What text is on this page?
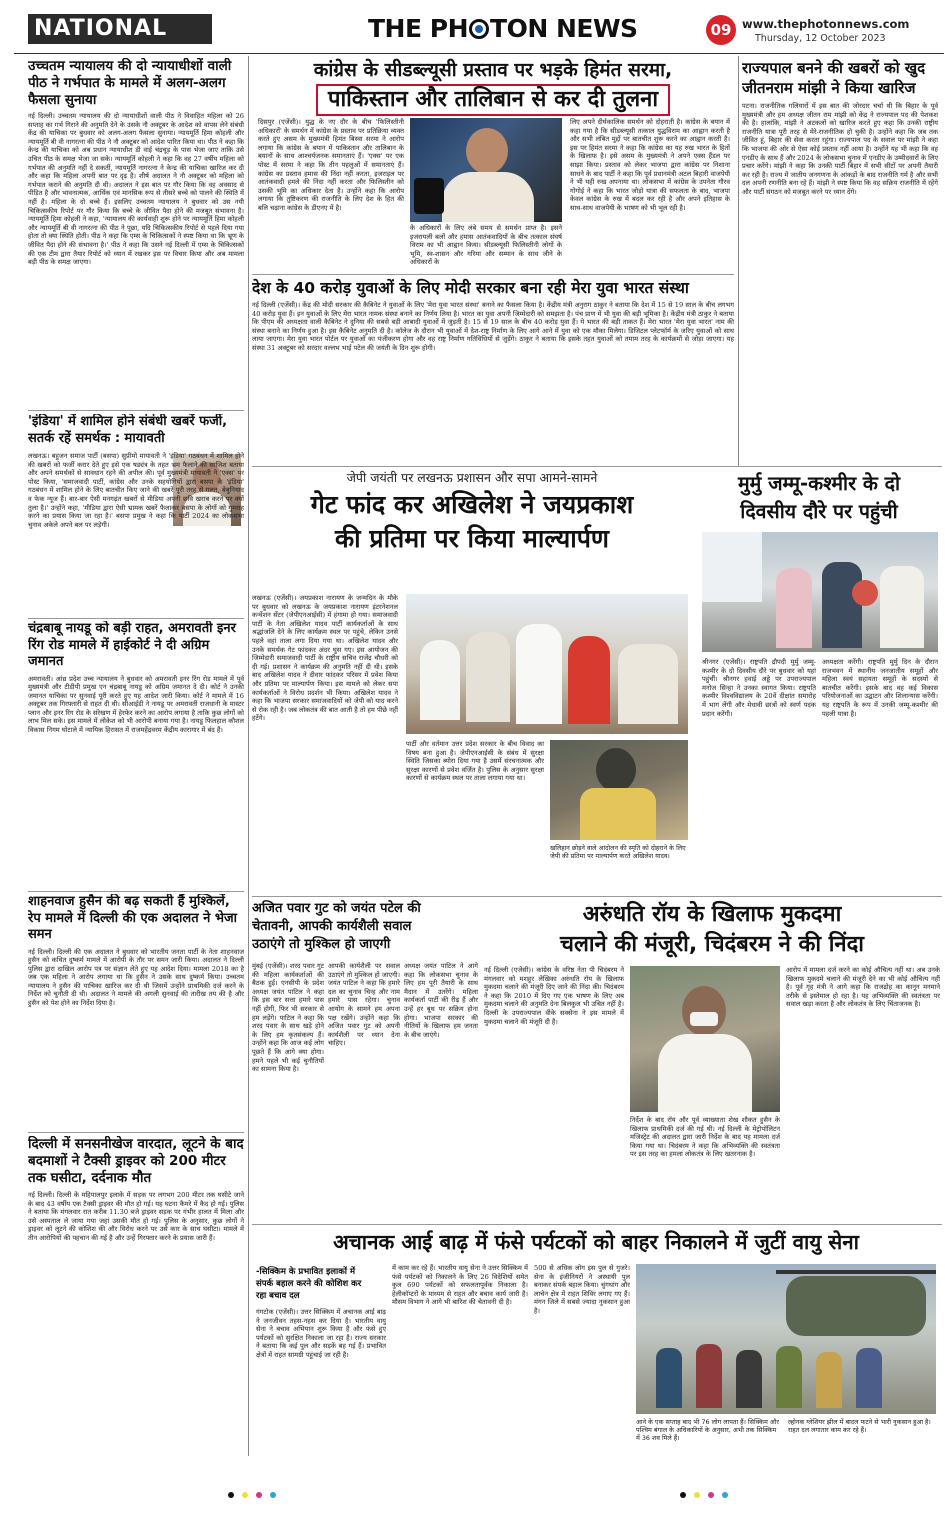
NATIONAL	THE PH TON NEWS	09 www.thephotonnews.com
Thursday, 12 October 2023
उच्चतम न्यायालय की दो न्यायाधीशों वाली पीठ ने गर्भपात के मामले में अलग-अलग फैसला सुनाया
नई दिल्ली। उच्चतम न्यायालय की दो न्यायाधीशों वाली पीठ ने विवाहित महिला को 26 सप्ताह का गर्भ गिराने की अनुमति देने के उसके नौ अक्टूबर के आदेश को वापस लेने संबंधी केंद्र की याचिका पर बुधवार को अलग-अलग फैसला सुनाया। न्यायमूर्ति हिमा कोहली और न्यायमूर्ति बी वी नागरत्ना की पीठ ने नौ अक्टूबर को आदेश पारित किया था। पीठ ने कहा कि केन्द्र की याचिका को अब प्रधान न्यायाधीश डी वाई चंद्रचूड़ के पास भेजा जाए ताकि उसे उचित पीठ के समक्ष भेजा जा सके। न्यायमूर्ति कोहली ने कहा कि वह 27 वर्षीय महिला को गर्भपात की अनुमति नहीं दे सकतीं, न्यायमूर्ति नागरत्ना ने केन्द्र की याचिका खारिज कर दी और कहा कि महिला अपनी बात पर दृढ़ है। शीर्ष अदालत ने नौ अक्टूबर को महिला को गर्भपात कराने की अनुमति दी थी। अदालत ने इस बात पर गौर किया कि वह अवसाद से पीड़ित है और भावनात्मक, आर्थिक एवं मानसिक रूप से तीसरे बच्चे को पालने की स्थिति में नहीं है। महिला के दो बच्चे हैं। इसलिए उच्चतम न्यायालय ने बुधवार को उस नयी चिकित्सकीय रिपोर्ट पर गौर किया कि बच्चे के जीवित पैदा होने की मजबूत संभावना है। न्यायमूर्ति हिमा कोहली ने कहा, 'न्यायालय की कार्यवाही शुरू होने पर न्यायमूर्ति हिमा कोहली और न्यायमूर्ति बी वी नागरत्ना की पीठ ने पूछा, यदि चिकित्सकीय रिपोर्ट से पहले दिया गया होता तो क्या स्थिति होती। पीठ ने कहा कि एम्स के चिकित्सकों ने स्पष्ट किया था कि भ्रूण के जीवित पैदा होने की संभावना है।' पीठ ने कहा कि उसने नई दिल्ली में एम्स के चिकित्सकों की एक टीम द्वारा तैयार रिपोर्ट को ध्यान में रखकर इस पर विचार किया और अब मामला बड़ी पीठ के समक्ष जाएगा।
'इंडिया' में शामिल होने संबंधी खबरें फर्जी, सतर्क रहें समर्थक : मायावती
लखनऊ। बहुजन समाज पार्टी (बसपा) सुप्रीमो मायावती ने 'इंडिया' गठबंधन में शामिल होने की खबरों को फर्जी करार देते हुए इसे एक षड्यंत्र के तहत भ्रम फैलाने की साजिश बताया और अपने समर्थकों से सावधान रहने की अपील की। पूर्व मुख्यमंत्री मायावती ने 'एक्स' पर पोस्ट किया, 'समाजवादी पार्टी, कांग्रेस और उनके सहयोगियों द्वारा बसपा के 'इंडिया' गठबंधन में शामिल होने के लिए बातचीत किए जाने की खबरें पूरी तरह से गलत, बेबुनियाद व फेक न्यूज हैं। बार-बार ऐसी मनगढ़ंत खबरों से मीडिया अपनी छवि खराब करने पर क्यों तुला है।' उन्होंने कहा, 'मीडिया द्वारा ऐसी भ्रामक खबरें फैलाकर बसपा के लोगों को गुमराह करने का प्रयास किया जा रहा है।' बसपा प्रमुख ने कहा कि पार्टी 2024 का लोकसभा चुनाव अकेले अपने बल पर लड़ेगी।
चंद्रबाबू नायडू को बड़ी राहत, अमरावती इनर रिंग रोड मामले में हाईकोर्ट ने दी अग्रिम जमानत
अमरावती। आंध्र प्रदेश उच्च न्यायालय ने बुधवार को अमरावती इनर रिंग रोड मामले में पूर्व मुख्यमंत्री और टीडीपी प्रमुख एन चंद्रबाबू नायडू को अग्रिम जमानत दे दी। कोर्ट ने उनकी जमानत याचिका पर सुनवाई पूरी करते हुए यह आदेश जारी किया। कोर्ट ने मामले में 16 अक्टूबर तक गिरफ्तारी से राहत दी थी। सीआईडी ने नायडू पर अमरावती राजधानी के मास्टर प्लान और इनर रिंग रोड के संरेखण में हेरफेर करने का आरोप लगाया है ताकि कुछ लोगों को लाभ मिल सके। इस मामले में लोकेश को भी आरोपी बनाया गया है। नायडू फिलहाल कौशल विकास निगम घोटाले में न्यायिक हिरासत में राजमहेंद्रवरम केंद्रीय कारागार में बंद हैं।
शाहनवाज हुसैन की बढ़ सकती हैं मुश्किलें, रेप मामले में दिल्ली की एक अदालत ने भेजा समन
नई दिल्ली। दिल्ली की एक अदालत ने बुधवार को भारतीय जनता पार्टी के नेता शाहनवाज हुसैन को कथित दुष्कर्म मामले में आरोपी के तौर पर समन जारी किया। अदालत ने दिल्ली पुलिस द्वारा दाखिल आरोप पत्र पर संज्ञान लेते हुए यह आदेश दिया। मामला 2018 का है जब एक महिला ने आरोप लगाया था कि हुसैन ने उसके साथ दुष्कर्म किया। उच्चतम न्यायालय ने हुसैन की याचिका खारिज कर दी थी जिसमें उन्होंने प्राथमिकी दर्ज करने के निर्देश को चुनौती दी थी। अदालत ने मामले की अगली सुनवाई की तारीख तय की है और हुसैन को पेश होने का निर्देश दिया है।
दिल्ली में सनसनीखेज वारदात, लूटने के बाद बदमाशों ने टैक्सी ड्राइवर को 200 मीटर तक घसीटा, दर्दनाक मौत
नई दिल्ली। दिल्ली के महिपालपुर इलाके में सड़क पर लगभग 200 मीटर तक घसीटे जाने के बाद 43 वर्षीय एक टैक्सी ड्राइवर की मौत हो गई। यह घटना कैमरे में कैद हो गई। पुलिस ने बताया कि मंगलवार रात करीब 11.30 बजे ड्राइवर सड़क पर गंभीर हालत में मिला और उसे अस्पताल ले जाया गया जहां उसकी मौत हो गई। पुलिस के अनुसार, कुछ लोगों ने ड्राइवर को लूटने की कोशिश की और विरोध करने पर उसे कार के साथ घसीटा। मामले में तीन आरोपियों की पहचान की गई है और उन्हें गिरफ्तार करने के प्रयास जारी हैं।
कांग्रेस के सीडब्ल्यूसी प्रस्ताव पर भड़के हिमंत सरमा,
पाकिस्तान और तालिबान से कर दी तुलना
दिसपुर (एजेंसी)। युद्ध के नए दौर के बीच 'फिलिस्तीनी अधिकारों' के समर्थन में कांग्रेस के प्रस्ताव पर प्रतिक्रिया व्यक्त करते हुए असम के मुख्यमंत्री हिमंत बिस्वा सरमा ने आरोप लगाया कि कांग्रेस के बयान में पाकिस्तान और तालिबान के बयानों के साथ आश्चर्यजनक समानताएं हैं। 'एक्स' पर एक पोस्ट में सरमा ने कहा कि तीन पहलुओं में समानताएं हैं। कांग्रेस का प्रस्ताव हमास की निंदा नहीं करता, इजराइल पर आतंकवादी हमले की निंदा नहीं करता और फिलिस्तीन को उसकी भूमि का अधिकार देता है। उन्होंने कहा कि आरोप लगाया कि तुष्टिकरण की राजनीति के लिए देश के हित की बलि चढ़ाना कांग्रेस के डीएनए में है।
के अधिकारों के लिए लंबे समय से समर्थन प्राप्त है। इसने इजरायली बलों और हमास आतंकवादियों के बीच तत्काल संघर्ष विराम का भी आह्वान किया। सीडब्ल्यूसी फिलिस्तीनी लोगों के भूमि, स्व-शासन और गरिमा और सम्मान के साथ जीने के अधिकारों के
लिए अपने दीर्घकालिक समर्थन को दोहराती है। कांग्रेस के बयान में कहा गया है कि सीडब्ल्यूसी तत्काल युद्धविराम का आह्वान करती है और सभी लंबित मुद्दों पर बातचीत शुरू करने का आह्वान करती है। इस पर हिमंत सरमा ने कहा कि कांग्रेस का यह रुख भारत के हितों के खिलाफ है। इसे असम के मुख्यमंत्री ने अपने एक्स हैंडल पर साझा किया। प्रस्ताव को लेकर भाजपा द्वारा कांग्रेस पर निशाना साधने के बाद पार्टी ने कहा कि पूर्व प्रधानमंत्री अटल बिहारी वाजपेयी ने भी यही रुख अपनाया था। लोकसभा में कांग्रेस के उपनेता गौरव गोगोई ने कहा कि भारत जोड़ो यात्रा की सफलता के बाद, भाजपा केवल कांग्रेस के रुख में बदल कर रही है और अपने इतिहास के साथ-साथ वाजपेयी के भाषण को भी भूल रही है।
देश के 40 करोड़ युवाओं के लिए मोदी सरकार बना रही मेरा युवा भारत संस्था
नई दिल्ली (एजेंसी)। केंद्र की मोदी सरकार की कैबिनेट ने युवाओं के लिए 'मेरा युवा भारत संस्था' बनाने का फैसला किया है। केंद्रीय मंत्री अनुराग ठाकुर ने बताया कि देश में 15 से 19 साल के बीच लगभग 40 करोड़ युवा हैं। इन युवाओं के लिए मेरा भारत नामक संस्था बनाने का निर्णय लिया है। भारत का युवा अपनी जिम्मेदारी को समझता है। पंच प्राण में भी युवा की बड़ी भूमिका है। केंद्रीय मंत्री ठाकुर ने बताया कि पीएम की अध्यक्षता वाली कैबिनेट ने दुनिया की सबसे बड़ी आबादी युवाओं में जुड़ती है। 15 से 19 साल के बीच 40 करोड़ युवा हैं। ये भारत की बड़ी ताकत हैं। मेरा भारत 'मेरा युवा भारत' नाम की संस्था बनाने का निर्णय हुआ है। इस कैबिनेट अनुमति दी है। कॉलेज के दौरान भी युवाओं में देश-राष्ट्र निर्माण के लिए आगे आने में युवा को एक मौका मिलेगा। डिजिटल प्लेटफॉर्म के जरिए युवाओं को साथ लाया जाएगा। मेरा युवा भारत पोर्टल पर युवाओं का पंजीकरण होगा और वह राष्ट्र निर्माण गतिविधियों से जुड़ेंगे। ठाकुर ने बताया कि इसके तहत युवाओं को तमाम तरह के कार्यक्रमों से जोड़ा जाएगा। यह संस्था 31 अक्टूबर को सरदार वल्लभ भाई पटेल की जयंती के दिन शुरू होगी।
राज्यपाल बनने की खबरों को खुद जीतनराम मांझी ने किया खारिज
पटना। राजनीतिक गलियारों में इस बात की जोरदार चर्चा थी कि बिहार के पूर्व मुख्यमंत्री और हम अध्यक्ष जीतन राम मांझी को केंद्र ने राज्यपाल पद की पेशकश की है। हालांकि, मांझी ने अटकलों को खारिज करते हुए कहा कि उनकी राष्ट्रीय राजनीति यात्रा पूरी तरह से मेरे-राजनीतिक हो चुकी है। उन्होंने कहा कि जब तक जीवित हूं, बिहार की सेवा करता रहूंगा। राज्यपाल पद के सवाल पर मांझी ने कहा कि भाजपा की ओर से ऐसा कोई प्रस्ताव नहीं आया है। उन्होंने यह भी कहा कि वह एनडीए के साथ हैं और 2024 के लोकसभा चुनाव में एनडीए के उम्मीदवारों के लिए प्रचार करेंगे। मांझी ने कहा कि उनकी पार्टी बिहार में सभी सीटों पर अपनी तैयारी कर रही है। राज्य में जातीय जनगणना के आंकड़ों के बाद राजनीति गर्म है और सभी दल अपनी रणनीति बना रहे हैं। मांझी ने स्पष्ट किया कि वह सक्रिय राजनीति में रहेंगे और पार्टी संगठन को मजबूत करने पर ध्यान देंगे।
जेपी जयंती पर लखनऊ प्रशासन और सपा आमने-सामने
गेट फांद कर अखिलेश ने जयप्रकाश
की प्रतिमा पर किया माल्यार्पण
लखनऊ (एजेंसी)। जयप्रकाश नारायण के जन्मदिन के मौके पर बुधवार को लखनऊ के जयप्रकाश नारायण इंटरनेशनल कन्वेंशन सेंटर (जेपीएनआईसी) में हंगामा हो गया। समाजवादी पार्टी के नेता अखिलेश यादव पार्टी कार्यकर्ताओं के साथ श्रद्धांजलि देने के लिए कार्यक्रम स्थल पर पहुंचे, लेकिन उनसे पहले वहां ताला लगा दिया गया था। अखिलेश यादव और उनके समर्थक गेट फांदकर अंदर घुस गए। इस आयोजन की जिम्मेदारी समाजवादी पार्टी के राष्ट्रीय सचिव राजेंद्र चौधरी को दी गई। प्रशासन ने कार्यक्रम की अनुमति नहीं दी थी। इसके बाद अखिलेश यादव ने दीवार फांदकर परिसर में प्रवेश किया और प्रतिमा पर माल्यार्पण किया। इस मामले को लेकर सपा कार्यकर्ताओं ने विरोध प्रदर्शन भी किया। अखिलेश यादव ने कहा कि भाजपा सरकार समाजवादियों को जेपी को याद करने से रोक रही है। जब लोकतंत्र की बात आती है तो हम पीछे नहीं हटेंगे।
पार्टी और वर्तमान उत्तर प्रदेश सरकार के बीच विवाद का विषय बना हुआ है। जेपीएनआईसी के संबंध में सुरक्षा स्थिति जिसका ब्योरा दिया गया है उसमें संरचनात्मक और सुरक्षा कारणों से प्रवेश वर्जित है। पुलिस के अनुसार सुरक्षा कारणों से कार्यक्रम स्थल पर ताला लगाया गया था।
खलिहान छोड़ने वाले आंदोलन की स्मृति को दोहराने के लिए जेपी की प्रतिमा पर माल्यार्पण करते अखिलेश यादव।
मुर्मु जम्मू-कश्मीर के दो
दिवसीय दौरे पर पहुंची
श्रीनगर (एजेंसी)। राष्ट्रपति द्रौपदी मुर्मु जम्मू-कश्मीर के दो दिवसीय दौरे पर बुधवार को यहां पहुंचीं। श्रीनगर हवाई अड्डे पर उपराज्यपाल मनोज सिन्हा ने उनका स्वागत किया। राष्ट्रपति कश्मीर विश्वविद्यालय के 20वें दीक्षांत समारोह में भाग लेंगी और मेधावी छात्रों को स्वर्ण पदक प्रदान करेंगी।
अध्यक्षता करेंगी। राष्ट्रपति मुर्मु दिन के दौरान राजभवन में स्थानीय जनजातीय समूहों और महिला स्वयं सहायता समूहों के सदस्यों से बातचीत करेंगी। इसके बाद वह कई विकास परियोजनाओं का उद्घाटन और शिलान्यास करेंगी। यह राष्ट्रपति के रूप में उनकी जम्मू-कश्मीर की पहली यात्रा है।
अजित पवार गुट को जयंत पटेल की
चेतावनी, आपकी कार्यशैली सवाल
उठाएंगे तो मुश्किल हो जाएगी
मुंबई (एजेंसी)। शरद पवार गुट की महिला कार्यकर्ताओं की बैठक हुई। एनसीपी के प्रदेश अध्यक्ष जयंत पाटिल ने कहा कि इस बार सत्ता हमारे पास नहीं होगी, फिर भी सरकार से हम लड़ेंगे। पाटिल ने कहा कि शरद पवार के साथ खड़े होने के लिए हम कृतसंकल्प हैं। उन्होंने कहा कि आज कई लोग पूछते हैं कि आगे क्या होगा। हमने पहले भी कई चुनौतियों का सामना किया है।
आपकी कार्यशैली पर सवाल उठाएंगे तो मुश्किल हो जाएगी। जयंत पाटिल ने कहा कि हमारे दल का चुनाव चिन्ह और नाम हमारे पास रहेगा। चुनाव आयोग के सामने हम अपना पक्ष रखेंगे। उन्होंने कहा कि अजित पवार गुट को अपनी कार्यशैली पर ध्यान देना चाहिए।
अध्यक्ष जयंत पाटिल ने आगे कहा कि लोकसभा चुनाव के लिए हम पूरी तैयारी के साथ मैदान में उतरेंगे। महिला कार्यकर्ता पार्टी की रीढ़ हैं और उन्हें हर बूथ पर सक्रिय होना होगा। भाजपा सरकार की नीतियों के खिलाफ हम जनता के बीच जाएंगे।
अरुंधति रॉय के खिलाफ मुकदमा
चलाने की मंजूरी, चिदंबरम ने की निंदा
नई दिल्ली (एजेंसी)। कांग्रेस के वरिष्ठ नेता पी चिदंबरम ने मंगलवार को मशहूर लेखिका अरुंधति रॉय के खिलाफ मुकदमा चलाने की मंजूरी दिए जाने की निंदा की। चिदंबरम ने कहा कि 2010 में दिए गए एक भाषण के लिए अब मुकदमा चलाने की अनुमति देना बिलकुल भी उचित नहीं है। दिल्ली के उपराज्यपाल वीके सक्सेना ने इस मामले में मुकदमा चलाने की मंजूरी दी है।
निर्देश के बाद रॉय और पूर्व व्याख्याता शेख शौकत हुसैन के खिलाफ प्राथमिकी दर्ज की गई थी। नई दिल्ली के मेट्रोपॉलिटन मजिस्ट्रेट की अदालत द्वारा जारी निर्देश के बाद यह मामला दर्ज किया गया था। चिदंबरम ने कहा कि अभिव्यक्ति की स्वतंत्रता पर इस तरह का हमला लोकतंत्र के लिए खतरनाक है।
आरोप में मामला दर्ज करने का कोई औचित्य नहीं था। अब उनके खिलाफ मुकदमे चलाने की मंजूरी देने का भी कोई औचित्य नहीं है। पूर्व गृह मंत्री ने आगे कहा कि राजद्रोह का कानून मनमाने तरीके से इस्तेमाल हो रहा है। यह अभिव्यक्ति की स्वतंत्रता पर सवाल खड़ा करता है और लोकतंत्र के लिए चिंताजनक है।
अचानक आई बाढ़ में फंसे पर्यटकों को बाहर निकालने में जुटीं वायु सेना
-सिक्किम के प्रभावित इलाकों में
संपर्क बहाल करने की कोशिश कर
रहा बचाव दल
गंगटोक (एजेंसी)। उत्तर सिक्किम में अचानक आई बाढ़ ने जनजीवन तहस-नहस कर दिया है। भारतीय वायु सेना ने बचाव अभियान शुरू किया है और फंसे हुए पर्यटकों को सुरक्षित निकाला जा रहा है। राज्य सरकार ने बताया कि कई पुल और सड़कें बह गई हैं। प्रभावित क्षेत्रों में राहत सामग्री पहुंचाई जा रही है।
में काम कर रहे हैं। भारतीय वायु सेना ने उत्तर सिक्किम में फंसे पर्यटकों को निकालने के लिए 26 विदेशियों समेत कुल 690 पर्यटकों को सफलतापूर्वक निकाला है। हेलीकॉप्टरों के माध्यम से राहत और बचाव कार्य जारी है। मौसम विभाग ने आगे भी बारिश की चेतावनी दी है।
500 से अधिक लोग इस पुल से गुजरे। सेना के इंजीनियरों ने अस्थायी पुल बनाकर संपर्क बहाल किया। चुंगथांग और लाचेन क्षेत्र में राहत शिविर लगाए गए हैं। मंगन जिले में सबसे ज्यादा नुकसान हुआ है।
आने के एक सप्ताह बाद भी 76 लोग लापता हैं। सिक्किम और पश्चिम बंगाल के अधिकारियों के अनुसार, अभी तक सिक्किम में 36 शव मिले हैं।
ल्होनक ग्लेशियर झील में बादल फटने से भारी नुकसान हुआ है। राहत दल लगातार काम कर रहे हैं।
